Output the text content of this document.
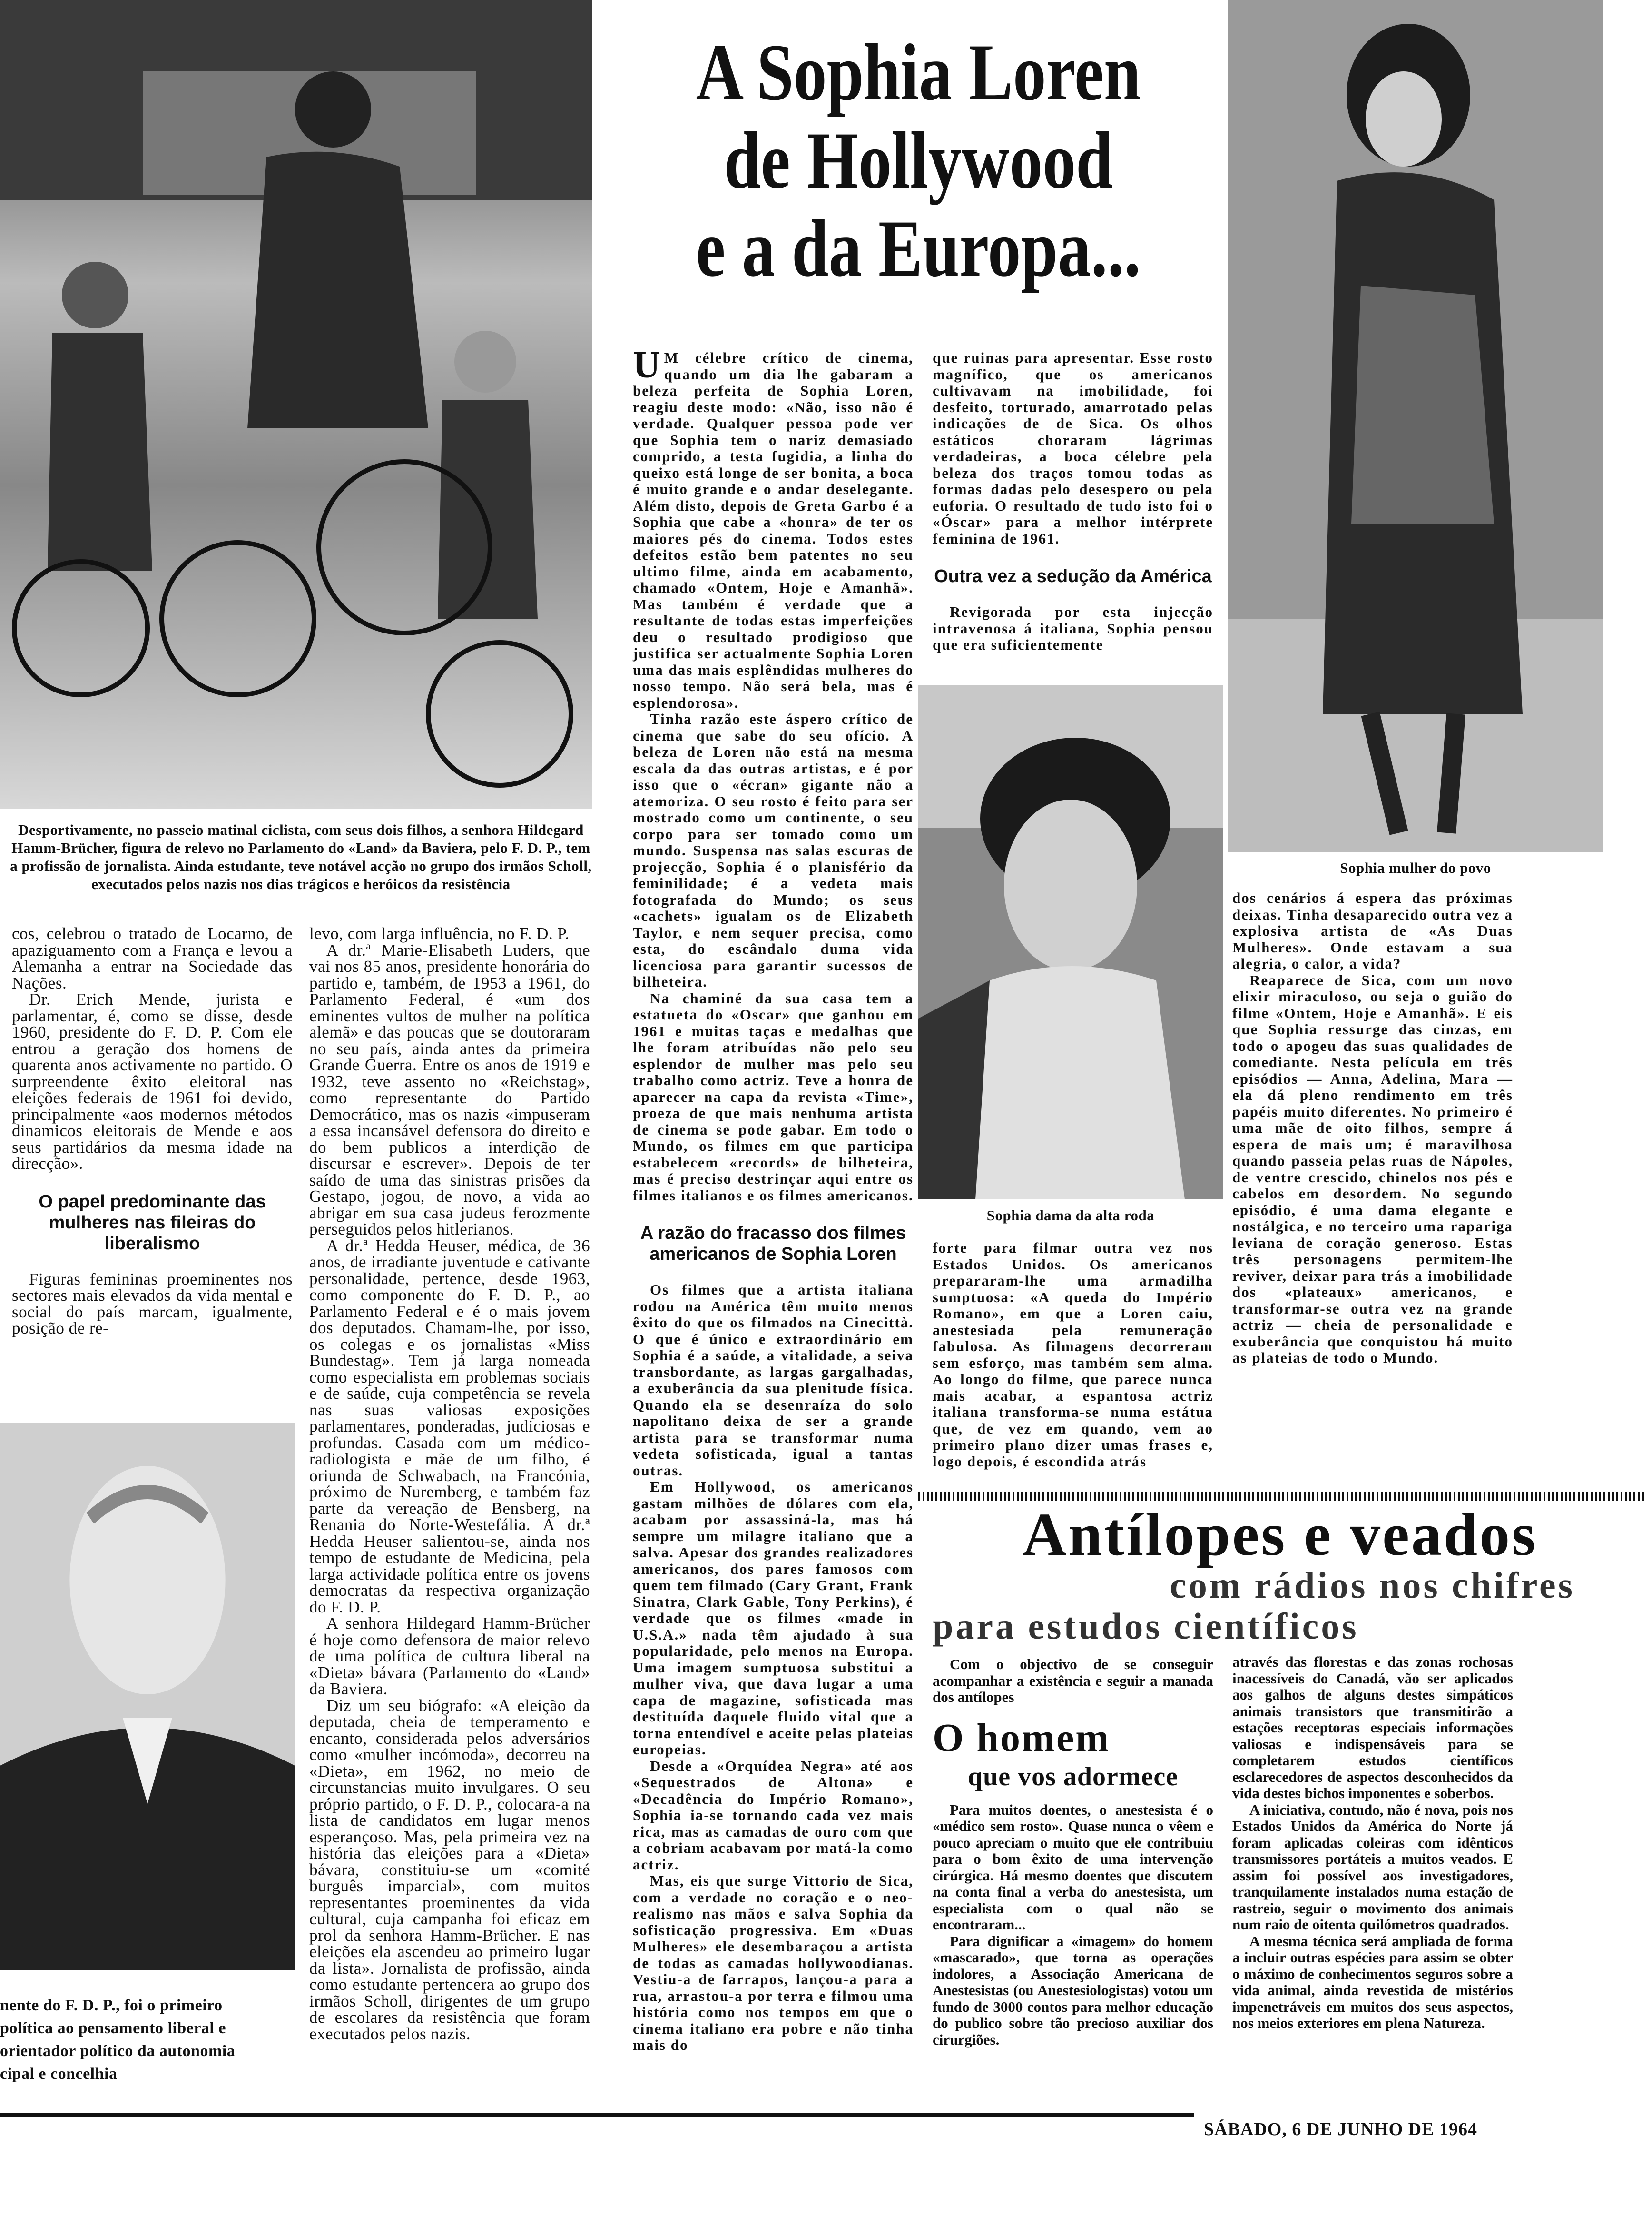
Desportivamente, no passeio matinal ciclista, com seus dois filhos, a senhora Hildegard Hamm-Brücher, figura de relevo no Parlamento do «Land» da Baviera, pelo F. D. P., tem a profissão de jornalista. Ainda estudante, teve notável acção no grupo dos irmãos Scholl, executados pelos nazis nos dias trágicos e heróicos da resistência

cos, celebrou o tratado de Locarno, de apaziguamento com a França e levou a Alemanha a entrar na Sociedade das Nações.

Dr. Erich Mende, jurista e parlamentar, é, como se disse, desde 1960, presidente do F. D. P. Com ele entrou a geração dos homens de quarenta anos activamente no partido. O surpreendente êxito eleitoral nas eleições federais de 1961 foi devido, principalmente «aos modernos métodos dinamicos eleitorais de Mende e aos seus partidários da mesma idade na direcção».

O papel predominante das mulheres nas fileiras do liberalismo

Figuras femininas proeminentes nos sectores mais elevados da vida mental e social do país marcam, igualmente, posição de re-

nente do F. D. P., foi o primeiro
política ao pensamento liberal e
orientador político da autonomia
cipal e concelhia

levo, com larga influência, no F. D. P.

A dr.ª Marie-Elisabeth Luders, que vai nos 85 anos, presidente honorária do partido e, também, de 1953 a 1961, do Parlamento Federal, é «um dos eminentes vultos de mulher na política alemã» e das poucas que se doutoraram no seu país, ainda antes da primeira Grande Guerra. Entre os anos de 1919 e 1932, teve assento no «Reichstag», como representante do Partido Democrático, mas os nazis «impuseram a essa incansável defensora do direito e do bem publicos a interdição de discursar e escrever». Depois de ter saído de uma das sinistras prisões da Gestapo, jogou, de novo, a vida ao abrigar em sua casa judeus ferozmente perseguidos pelos hitlerianos.

A dr.ª Hedda Heuser, médica, de 36 anos, de irradiante juventude e cativante personalidade, pertence, desde 1963, como componente do F. D. P., ao Parlamento Federal e é o mais jovem dos deputados. Chamam-lhe, por isso, os colegas e os jornalistas «Miss Bundestag». Tem já larga nomeada como especialista em problemas sociais e de saúde, cuja competência se revela nas suas valiosas exposições parlamentares, ponderadas, judiciosas e profundas. Casada com um médico-radiologista e mãe de um filho, é oriunda de Schwabach, na Francónia, próximo de Nuremberg, e também faz parte da vereação de Bensberg, na Renania do Norte-Westefália. A dr.ª Hedda Heuser salientou-se, ainda nos tempo de estudante de Medicina, pela larga actividade política entre os jovens democratas da respectiva organização do F. D. P.

A senhora Hildegard Hamm-Brücher é hoje como defensora de maior relevo de uma política de cultura liberal na «Dieta» bávara (Parlamento do «Land» da Baviera.

Diz um seu biógrafo: «A eleição da deputada, cheia de temperamento e encanto, considerada pelos adversários como «mulher incómoda», decorreu na «Dieta», em 1962, no meio de circunstancias muito invulgares. O seu próprio partido, o F. D. P., colocara-a na lista de candidatos em lugar menos esperançoso. Mas, pela primeira vez na história das eleições para a «Dieta» bávara, constituiu-se um «comité burguês imparcial», com muitos representantes proeminentes da vida cultural, cuja campanha foi eficaz em prol da senhora Hamm-Brücher. E nas eleições ela ascendeu ao primeiro lugar da lista». Jornalista de profissão, ainda como estudante pertencera ao grupo dos irmãos Scholl, dirigentes de um grupo de escolares da resistência que foram executados pelos nazis.

A Sophia Loren
de Hollywood
e a da Europa...

U M célebre crítico de cinema, quando um dia lhe gabaram a beleza perfeita de Sophia Loren, reagiu deste modo: «Não, isso não é verdade. Qualquer pessoa pode ver que Sophia tem o nariz demasiado comprido, a testa fugidia, a linha do queixo está longe de ser bonita, a boca é muito grande e o andar deselegante. Além disto, depois de Greta Garbo é a Sophia que cabe a «honra» de ter os maiores pés do cinema. Todos estes defeitos estão bem patentes no seu ultimo filme, ainda em acabamento, chamado «Ontem, Hoje e Amanhã». Mas também é verdade que a resultante de todas estas imperfeições deu o resultado prodigioso que justifica ser actualmente Sophia Loren uma das mais esplêndidas mulheres do nosso tempo. Não será bela, mas é esplendorosa».

Tinha razão este áspero crítico de cinema que sabe do seu ofício. A beleza de Loren não está na mesma escala da das outras artistas, e é por isso que o «écran» gigante não a atemoriza. O seu rosto é feito para ser mostrado como um continente, o seu corpo para ser tomado como um mundo. Suspensa nas salas escuras de projecção, Sophia é o planisfério da feminilidade; é a vedeta mais fotografada do Mundo; os seus «cachets» igualam os de Elizabeth Taylor, e nem sequer precisa, como esta, do escândalo duma vida licenciosa para garantir sucessos de bilheteira.

Na chaminé da sua casa tem a estatueta do «Oscar» que ganhou em 1961 e muitas taças e medalhas que lhe foram atribuídas não pelo seu esplendor de mulher mas pelo seu trabalho como actriz. Teve a honra de aparecer na capa da revista «Time», proeza de que mais nenhuma artista de cinema se pode gabar. Em todo o Mundo, os filmes em que participa estabelecem «records» de bilheteira, mas é preciso destrinçar aqui entre os filmes italianos e os filmes americanos.

A razão do fracasso dos filmes americanos de Sophia Loren

Os filmes que a artista italiana rodou na América têm muito menos êxito do que os filmados na Cinecittà. O que é único e extraordinário em Sophia é a saúde, a vitalidade, a seiva transbordante, as largas gargalhadas, a exuberância da sua plenitude física. Quando ela se desenraíza do solo napolitano deixa de ser a grande artista para se transformar numa vedeta sofisticada, igual a tantas outras.

Em Hollywood, os americanos gastam milhões de dólares com ela, acabam por assassiná-la, mas há sempre um milagre italiano que a salva. Apesar dos grandes realizadores americanos, dos pares famosos com quem tem filmado (Cary Grant, Frank Sinatra, Clark Gable, Tony Perkins), é verdade que os filmes «made in U.S.A.» nada têm ajudado à sua popularidade, pelo menos na Europa. Uma imagem sumptuosa substitui a mulher viva, que dava lugar a uma capa de magazine, sofisticada mas destituída daquele fluido vital que a torna entendível e aceite pelas plateias europeias.

Desde a «Orquídea Negra» até aos «Sequestrados de Altona» e «Decadência do Império Romano», Sophia ia-se tornando cada vez mais rica, mas as camadas de ouro com que a cobriam acabavam por matá-la como actriz.

Mas, eis que surge Vittorio de Sica, com a verdade no coração e o neo-realismo nas mãos e salva Sophia da sofisticação progressiva. Em «Duas Mulheres» ele desembaraçou a artista de todas as camadas hollywoodianas. Vestiu-a de farrapos, lançou-a para a rua, arrastou-a por terra e filmou uma história como nos tempos em que o cinema italiano era pobre e não tinha mais do

que ruinas para apresentar. Esse rosto magnífico, que os americanos cultivavam na imobilidade, foi desfeito, torturado, amarrotado pelas indicações de de Sica. Os olhos estáticos choraram lágrimas verdadeiras, a boca célebre pela beleza dos traços tomou todas as formas dadas pelo desespero ou pela euforia. O resultado de tudo isto foi o «Óscar» para a melhor intérprete feminina de 1961.

Outra vez a sedução da América

Revigorada por esta injecção intravenosa á italiana, Sophia pensou que era suficientemente

Sophia dama da alta roda

forte para filmar outra vez nos Estados Unidos. Os americanos prepararam-lhe uma armadilha sumptuosa: «A queda do Império Romano», em que a Loren caiu, anestesiada pela remuneração fabulosa. As filmagens decorreram sem esforço, mas também sem alma. Ao longo do filme, que parece nunca mais acabar, a espantosa actriz italiana transforma-se numa estátua que, de vez em quando, vem ao primeiro plano dizer umas frases e, logo depois, é escondida atrás

Sophia mulher do povo

dos cenários á espera das próximas deixas. Tinha desaparecido outra vez a explosiva artista de «As Duas Mulheres». Onde estavam a sua alegria, o calor, a vida?

Reaparece de Sica, com um novo elixir miraculoso, ou seja o guião do filme «Ontem, Hoje e Amanhã». E eis que Sophia ressurge das cinzas, em todo o apogeu das suas qualidades de comediante. Nesta película em três episódios — Anna, Adelina, Mara — ela dá pleno rendimento em três papéis muito diferentes. No primeiro é uma mãe de oito filhos, sempre á espera de mais um; é maravilhosa quando passeia pelas ruas de Nápoles, de ventre crescido, chinelos nos pés e cabelos em desordem. No segundo episódio, é uma dama elegante e nostálgica, e no terceiro uma rapariga leviana de coração generoso. Estas três personagens permitem-lhe reviver, deixar para trás a imobilidade dos «plateaux» americanos, e transformar-se outra vez na grande actriz — cheia de personalidade e exuberância que conquistou há muito as plateias de todo o Mundo.

Antílopes e veados
com rádios nos chifres
para estudos científicos

Com o objectivo de se conseguir acompanhar a existência e seguir a manada dos antílopes

O homem
que vos adormece

Para muitos doentes, o anestesista é o «médico sem rosto». Quase nunca o vêem e pouco apreciam o muito que ele contribuiu para o bom êxito de uma intervenção cirúrgica. Há mesmo doentes que discutem na conta final a verba do anestesista, um especialista com o qual não se encontraram...

Para dignificar a «imagem» do homem «mascarado», que torna as operações indolores, a Associação Americana de Anestesistas (ou Anestesiologistas) votou um fundo de 3000 contos para melhor educação do publico sobre tão precioso auxiliar dos cirurgiões.

através das florestas e das zonas rochosas inacessíveis do Canadá, vão ser aplicados aos galhos de alguns destes simpáticos animais transistors que transmitirão a estações receptoras especiais informações valiosas e indispensáveis para se completarem estudos científicos esclarecedores de aspectos desconhecidos da vida destes bichos imponentes e soberbos.

A iniciativa, contudo, não é nova, pois nos Estados Unidos da América do Norte já foram aplicadas coleiras com idênticos transmissores portáteis a muitos veados. E assim foi possível aos investigadores, tranquilamente instalados numa estação de rastreio, seguir o movimento dos animais num raio de oitenta quilómetros quadrados.

A mesma técnica será ampliada de forma a incluir outras espécies para assim se obter o máximo de conhecimentos seguros sobre a vida animal, ainda revestida de mistérios impenetráveis em muitos dos seus aspectos, nos meios exteriores em plena Natureza.

SÁBADO, 6 DE JUNHO DE 1964
